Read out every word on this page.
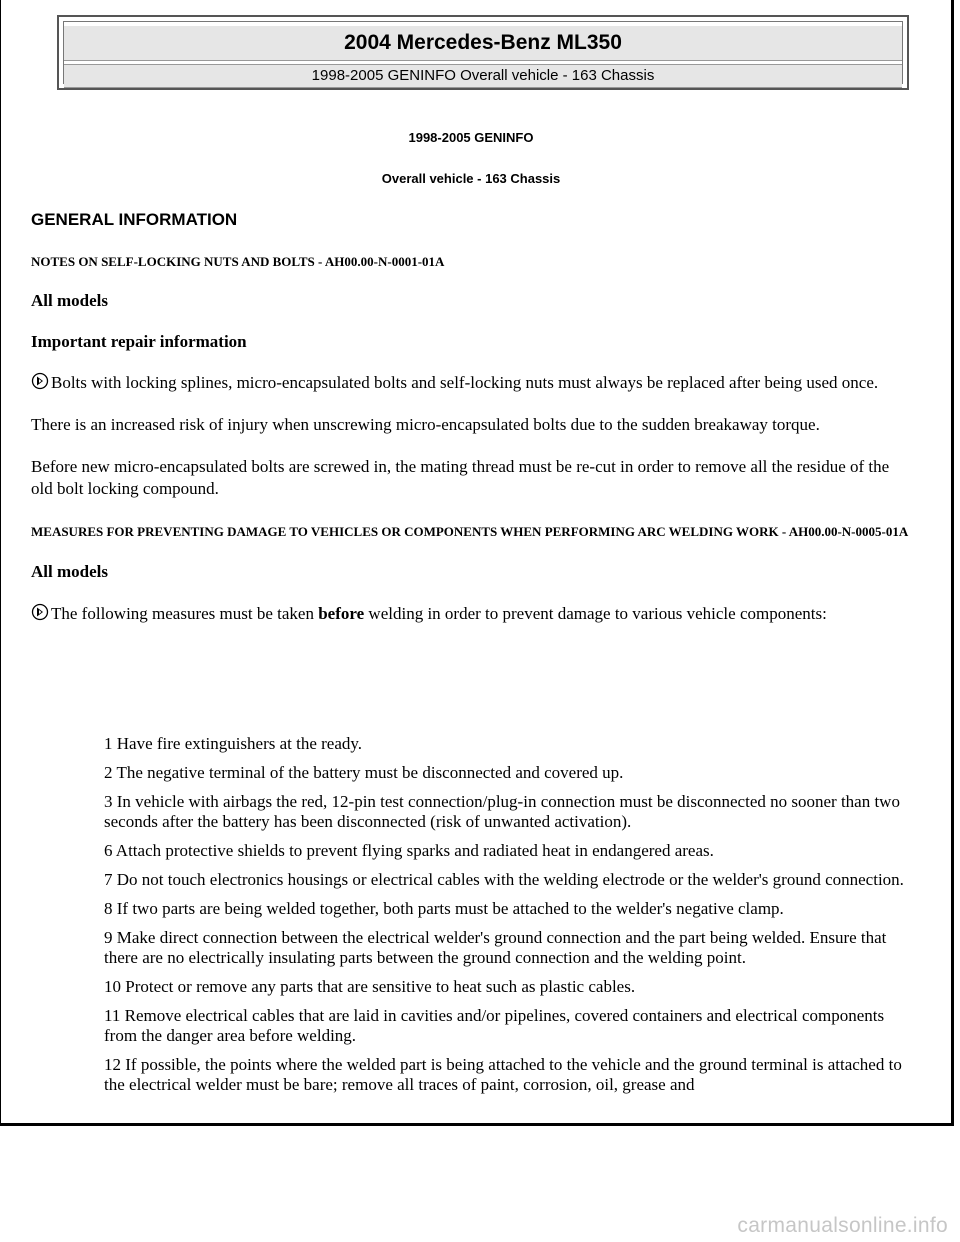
2004 Mercedes-Benz ML350
1998-2005 GENINFO Overall vehicle - 163 Chassis

1998-2005 GENINFO

Overall vehicle - 163 Chassis

GENERAL INFORMATION

NOTES ON SELF-LOCKING NUTS AND BOLTS - AH00.00-N-0001-01A

All models

Important repair information

Bolts with locking splines, micro-encapsulated bolts and self-locking nuts must always be replaced after being used once.

There is an increased risk of injury when unscrewing micro-encapsulated bolts due to the sudden breakaway torque.

Before new micro-encapsulated bolts are screwed in, the mating thread must be re-cut in order to remove all the residue of the old bolt locking compound.

MEASURES FOR PREVENTING DAMAGE TO VEHICLES OR COMPONENTS WHEN PERFORMING ARC WELDING WORK - AH00.00-N-0005-01A

All models

The following measures must be taken before welding in order to prevent damage to various vehicle components:

1 Have fire extinguishers at the ready.

2 The negative terminal of the battery must be disconnected and covered up.

3 In vehicle with airbags the red, 12-pin test connection/plug-in connection must be disconnected no sooner than two seconds after the battery has been disconnected (risk of unwanted activation).

6 Attach protective shields to prevent flying sparks and radiated heat in endangered areas.

7 Do not touch electronics housings or electrical cables with the welding electrode or the welder's ground connection.

8 If two parts are being welded together, both parts must be attached to the welder's negative clamp.

9 Make direct connection between the electrical welder's ground connection and the part being welded. Ensure that there are no electrically insulating parts between the ground connection and the welding point.

10 Protect or remove any parts that are sensitive to heat such as plastic cables.

11 Remove electrical cables that are laid in cavities and/or pipelines, covered containers and electrical components from the danger area before welding.

12 If possible, the points where the welded part is being attached to the vehicle and the ground terminal is attached to the electrical welder must be bare; remove all traces of paint, corrosion, oil, grease and

carmanualsonline.info
